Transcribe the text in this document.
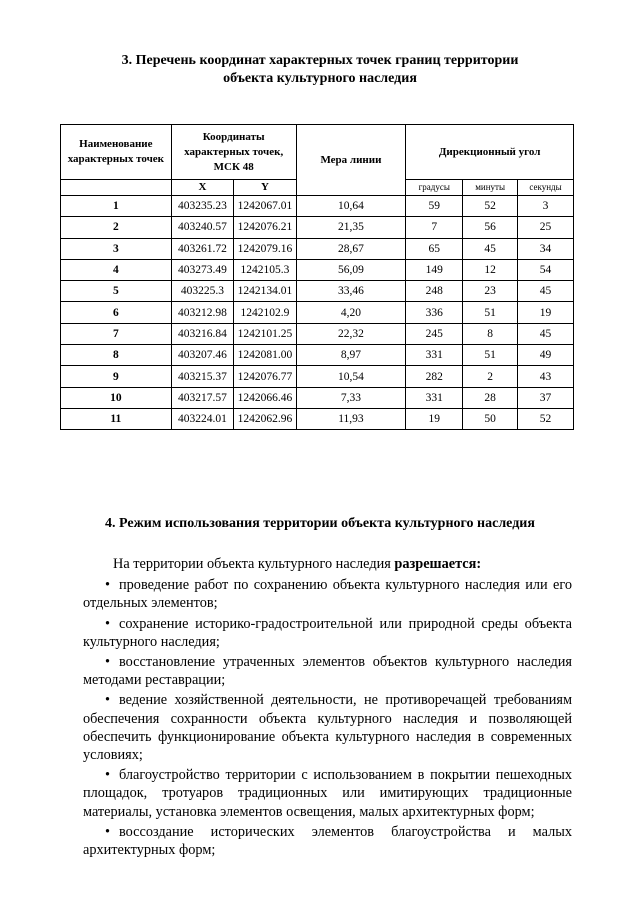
3. Перечень координат характерных точек границ территории
объекта культурного наследия
Наименование характерных точек	Координаты характерных точек, МСК 48		Мера линии	Дирекционный угол		

	X	Y		градусы	минуты	секунды
1	403235.23	1242067.01	10,64	59	52	3
2	403240.57	1242076.21	21,35	7	56	25
3	403261.72	1242079.16	28,67	65	45	34
4	403273.49	1242105.3	56,09	149	12	54
5	403225.3	1242134.01	33,46	248	23	45
6	403212.98	1242102.9	4,20	336	51	19
7	403216.84	1242101.25	22,32	245	8	45
8	403207.46	1242081.00	8,97	331	51	49
9	403215.37	1242076.77	10,54	282	2	43
10	403217.57	1242066.46	7,33	331	28	37
11	403224.01	1242062.96	11,93	19	50	52
4. Режим использования территории объекта культурного наследия

На территории объекта культурного наследия разрешается:

• проведение работ по сохранению объекта культурного наследия или его отдельных элементов;

• сохранение историко-градостроительной или природной среды объекта культурного наследия;

• восстановление утраченных элементов объектов культурного наследия методами реставрации;

• ведение хозяйственной деятельности, не противоречащей требованиям обеспечения сохранности объекта культурного наследия и позволяющей обеспечить функционирование объекта культурного наследия в современных условиях;

• благоустройство территории с использованием в покрытии пешеходных площадок, тротуаров традиционных или имитирующих традиционные материалы, установка элементов освещения, малых архитектурных форм;

• воссоздание исторических элементов благоустройства и малых архитектурных форм;
